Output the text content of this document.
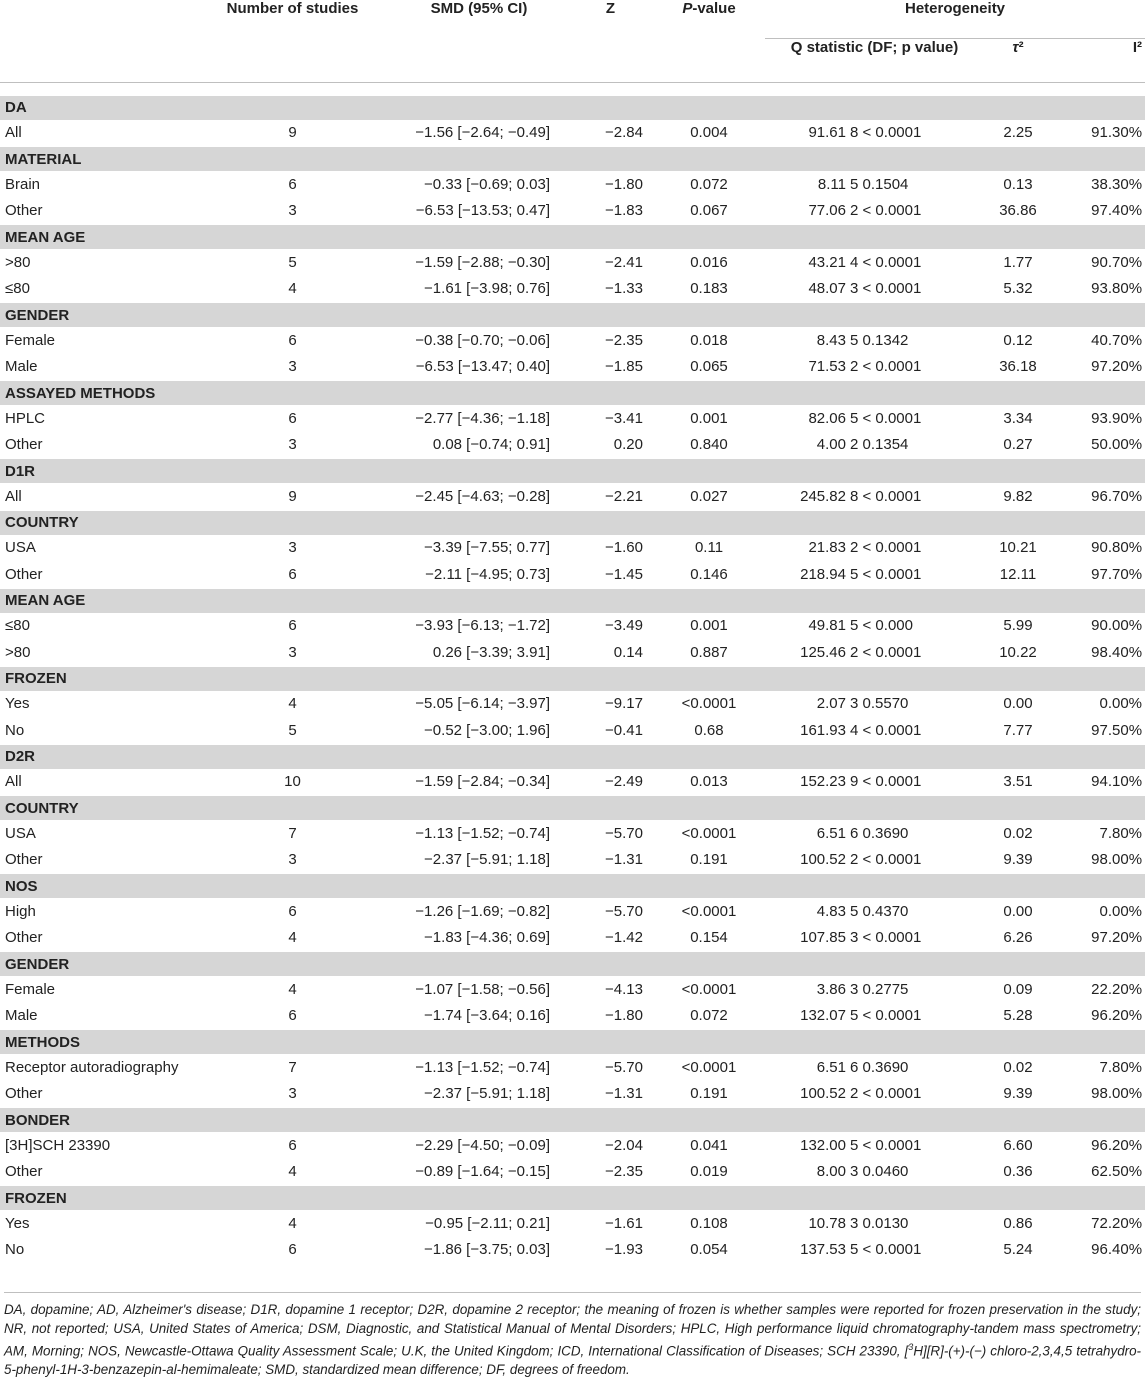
	Number of studies	SMD (95% CI)	Z	P-value	Heterogeneity			
					Q statistic (DF; p value)		τ²	I²

DA								
All	9	−1.56 [−2.64; −0.49]	−2.84	0.004	91.61	8 < 0.0001	2.25	91.30%
MATERIAL								
Brain	6	−0.33 [−0.69; 0.03]	−1.80	0.072	8.11	5 0.1504	0.13	38.30%
Other	3	−6.53 [−13.53; 0.47]	−1.83	0.067	77.06	2 < 0.0001	36.86	97.40%
MEAN AGE								
>80	5	−1.59 [−2.88; −0.30]	−2.41	0.016	43.21	4 < 0.0001	1.77	90.70%
≤80	4	−1.61 [−3.98; 0.76]	−1.33	0.183	48.07	3 < 0.0001	5.32	93.80%
GENDER								
Female	6	−0.38 [−0.70; −0.06]	−2.35	0.018	8.43	5 0.1342	0.12	40.70%
Male	3	−6.53 [−13.47; 0.40]	−1.85	0.065	71.53	2 < 0.0001	36.18	97.20%
ASSAYED METHODS								
HPLC	6	−2.77 [−4.36; −1.18]	−3.41	0.001	82.06	5 < 0.0001	3.34	93.90%
Other	3	0.08 [−0.74; 0.91]	0.20	0.840	4.00	2 0.1354	0.27	50.00%
D1R								
All	9	−2.45 [−4.63; −0.28]	−2.21	0.027	245.82	8 < 0.0001	9.82	96.70%
COUNTRY								
USA	3	−3.39 [−7.55; 0.77]	−1.60	0.11	21.83	2 < 0.0001	10.21	90.80%
Other	6	−2.11 [−4.95; 0.73]	−1.45	0.146	218.94	5 < 0.0001	12.11	97.70%
MEAN AGE								
≤80	6	−3.93 [−6.13; −1.72]	−3.49	0.001	49.81	5 < 0.000	5.99	90.00%
>80	3	0.26 [−3.39; 3.91]	0.14	0.887	125.46	2 < 0.0001	10.22	98.40%
FROZEN								
Yes	4	−5.05 [−6.14; −3.97]	−9.17	<0.0001	2.07	3 0.5570	0.00	0.00%
No	5	−0.52 [−3.00; 1.96]	−0.41	0.68	161.93	4 < 0.0001	7.77	97.50%
D2R								
All	10	−1.59 [−2.84; −0.34]	−2.49	0.013	152.23	9 < 0.0001	3.51	94.10%
COUNTRY								
USA	7	−1.13 [−1.52; −0.74]	−5.70	<0.0001	6.51	6 0.3690	0.02	7.80%
Other	3	−2.37 [−5.91; 1.18]	−1.31	0.191	100.52	2 < 0.0001	9.39	98.00%
NOS								
High	6	−1.26 [−1.69; −0.82]	−5.70	<0.0001	4.83	5 0.4370	0.00	0.00%
Other	4	−1.83 [−4.36; 0.69]	−1.42	0.154	107.85	3 < 0.0001	6.26	97.20%
GENDER								
Female	4	−1.07 [−1.58; −0.56]	−4.13	<0.0001	3.86	3 0.2775	0.09	22.20%
Male	6	−1.74 [−3.64; 0.16]	−1.80	0.072	132.07	5 < 0.0001	5.28	96.20%
METHODS								
Receptor autoradiography	7	−1.13 [−1.52; −0.74]	−5.70	<0.0001	6.51	6 0.3690	0.02	7.80%
Other	3	−2.37 [−5.91; 1.18]	−1.31	0.191	100.52	2 < 0.0001	9.39	98.00%
BONDER								
[3H]SCH 23390	6	−2.29 [−4.50; −0.09]	−2.04	0.041	132.00	5 < 0.0001	6.60	96.20%
Other	4	−0.89 [−1.64; −0.15]	−2.35	0.019	8.00	3 0.0460	0.36	62.50%
FROZEN								
Yes	4	−0.95 [−2.11; 0.21]	−1.61	0.108	10.78	3 0.0130	0.86	72.20%
No	6	−1.86 [−3.75; 0.03]	−1.93	0.054	137.53	5 < 0.0001	5.24	96.40%
DA, dopamine; AD, Alzheimer's disease; D1R, dopamine 1 receptor; D2R, dopamine 2 receptor; the meaning of frozen is whether samples were reported for frozen preservation in the study; NR, not reported; USA, United States of America; DSM, Diagnostic, and Statistical Manual of Mental Disorders; HPLC, High performance liquid chromatography-tandem mass spectrometry; AM, Morning; NOS, Newcastle-Ottawa Quality Assessment Scale; U.K, the United Kingdom; ICD, International Classification of Diseases; SCH 23390, [$^3$H][R]-(+)-(−) chloro-2,3,4,5 tetrahydro-5-phenyl-1H-3-benzazepin-al-hemimaleate; SMD, standardized mean difference; DF, degrees of freedom.
